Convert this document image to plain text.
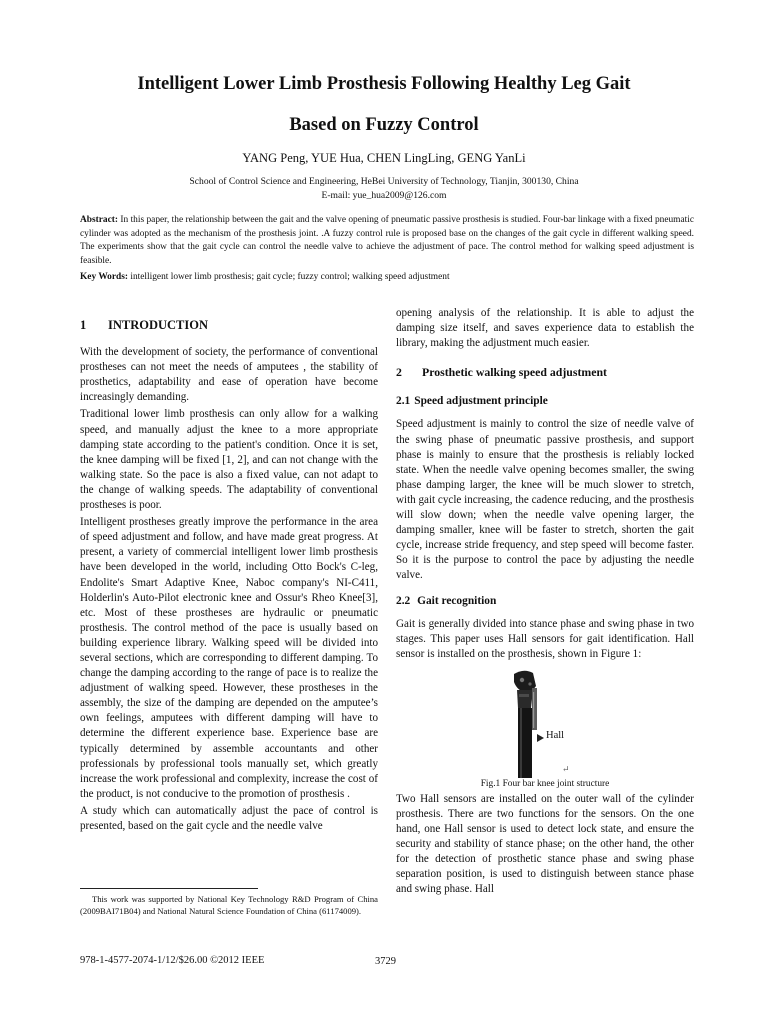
Intelligent Lower Limb Prosthesis Following Healthy Leg Gait
Based on Fuzzy Control
YANG Peng, YUE Hua, CHEN LingLing, GENG YanLi
School of Control Science and Engineering, HeBei University of Technology, Tianjin, 300130, China
E-mail: yue_hua2009@126.com
Abstract: In this paper, the relationship between the gait and the valve opening of pneumatic passive prosthesis is studied. Four-bar linkage with a fixed pneumatic cylinder was adopted as the mechanism of the prosthesis joint. .A fuzzy control rule is proposed base on the changes of the gait cycle in different walking speed. The experiments show that the gait cycle can control the needle valve to achieve the adjustment of pace. The control method for walking speed adjustment is feasible.
Key Words: intelligent lower limb prosthesis; gait cycle; fuzzy control; walking speed adjustment
1 INTRODUCTION

With the development of society, the performance of conventional prostheses can not meet the needs of amputees , the stability of prosthetics, adaptability and ease of operation have become increasingly demanding.

Traditional lower limb prosthesis can only allow for a walking speed, and manually adjust the knee to a more appropriate damping state according to the patient's condition. Once it is set, the knee damping will be fixed [1, 2], and can not change with the walking state. So the pace is also a fixed value, can not adapt to the change of walking speeds. The adaptability of conventional prostheses is poor.

Intelligent prostheses greatly improve the performance in the area of speed adjustment and follow, and have made great progress. At present, a variety of commercial intelligent lower limb prosthesis have been developed in the world, including Otto Bock's C-leg, Endolite's Smart Adaptive Knee, Naboc company's NI-C411, Holderlin's Auto-Pilot electronic knee and Ossur's Rheo Knee[3], etc. Most of these prostheses are hydraulic or pneumatic prosthesis. The control method of the pace is usually based on building experience library. Walking speed will be divided into several sections, which are corresponding to different damping. To change the damping according to the range of pace is to realize the adjustment of walking speed. However, these prostheses in the assembly, the size of the damping are depended on the amputee’s own feelings, amputees with different damping will have to determine the different experience base. Experience base are typically determined by assemble accountants and other professionals by professional tools manually set, which greatly increase the work professional and complexity, increase the cost of the product, is not conducive to the promotion of prosthesis .

A study which can automatically adjust the pace of control is presented, based on the gait cycle and the needle valve

opening analysis of the relationship. It is able to adjust the damping size itself, and saves experience data to establish the library, making the adjustment much easier.

2 Prosthetic walking speed adjustment
2.1 Speed adjustment principle

Speed adjustment is mainly to control the size of needle valve of the swing phase of pneumatic passive prosthesis, and support phase is mainly to ensure that the prosthesis is reliably locked state. When the needle valve opening becomes smaller, the swing phase damping larger, the knee will be much slower to stretch, with gait cycle increasing, the cadence reducing, and the prosthesis will slow down; when the needle valve opening larger, the damping smaller, knee will be faster to stretch, shorten the gait cycle, increase stride frequency, and step speed will become faster. So it is the purpose to control the pace by adjusting the needle valve.

2.2 Gait recognition

Gait is generally divided into stance phase and swing phase in two stages. This paper uses Hall sensors for gait identification. Hall sensor is installed on the prosthesis, shown in Figure 1:

Hall
↵
Fig.1 Four bar knee joint structure

Two Hall sensors are installed on the outer wall of the cylinder prosthesis. There are two functions for the sensors. On the one hand, one Hall sensor is used to detect lock state, and ensure the security and stability of stance phase; on the other hand, the other for the detection of prosthetic stance phase and swing phase separation position, is used to distinguish between stance phase and swing phase. Hall

This work was supported by National Key Technology R&D Program of China (2009BAI71B04) and National Natural Science Foundation of China (61174009).
978-1-4577-2074-1/12/$26.00 ©2012 IEEE	3729
